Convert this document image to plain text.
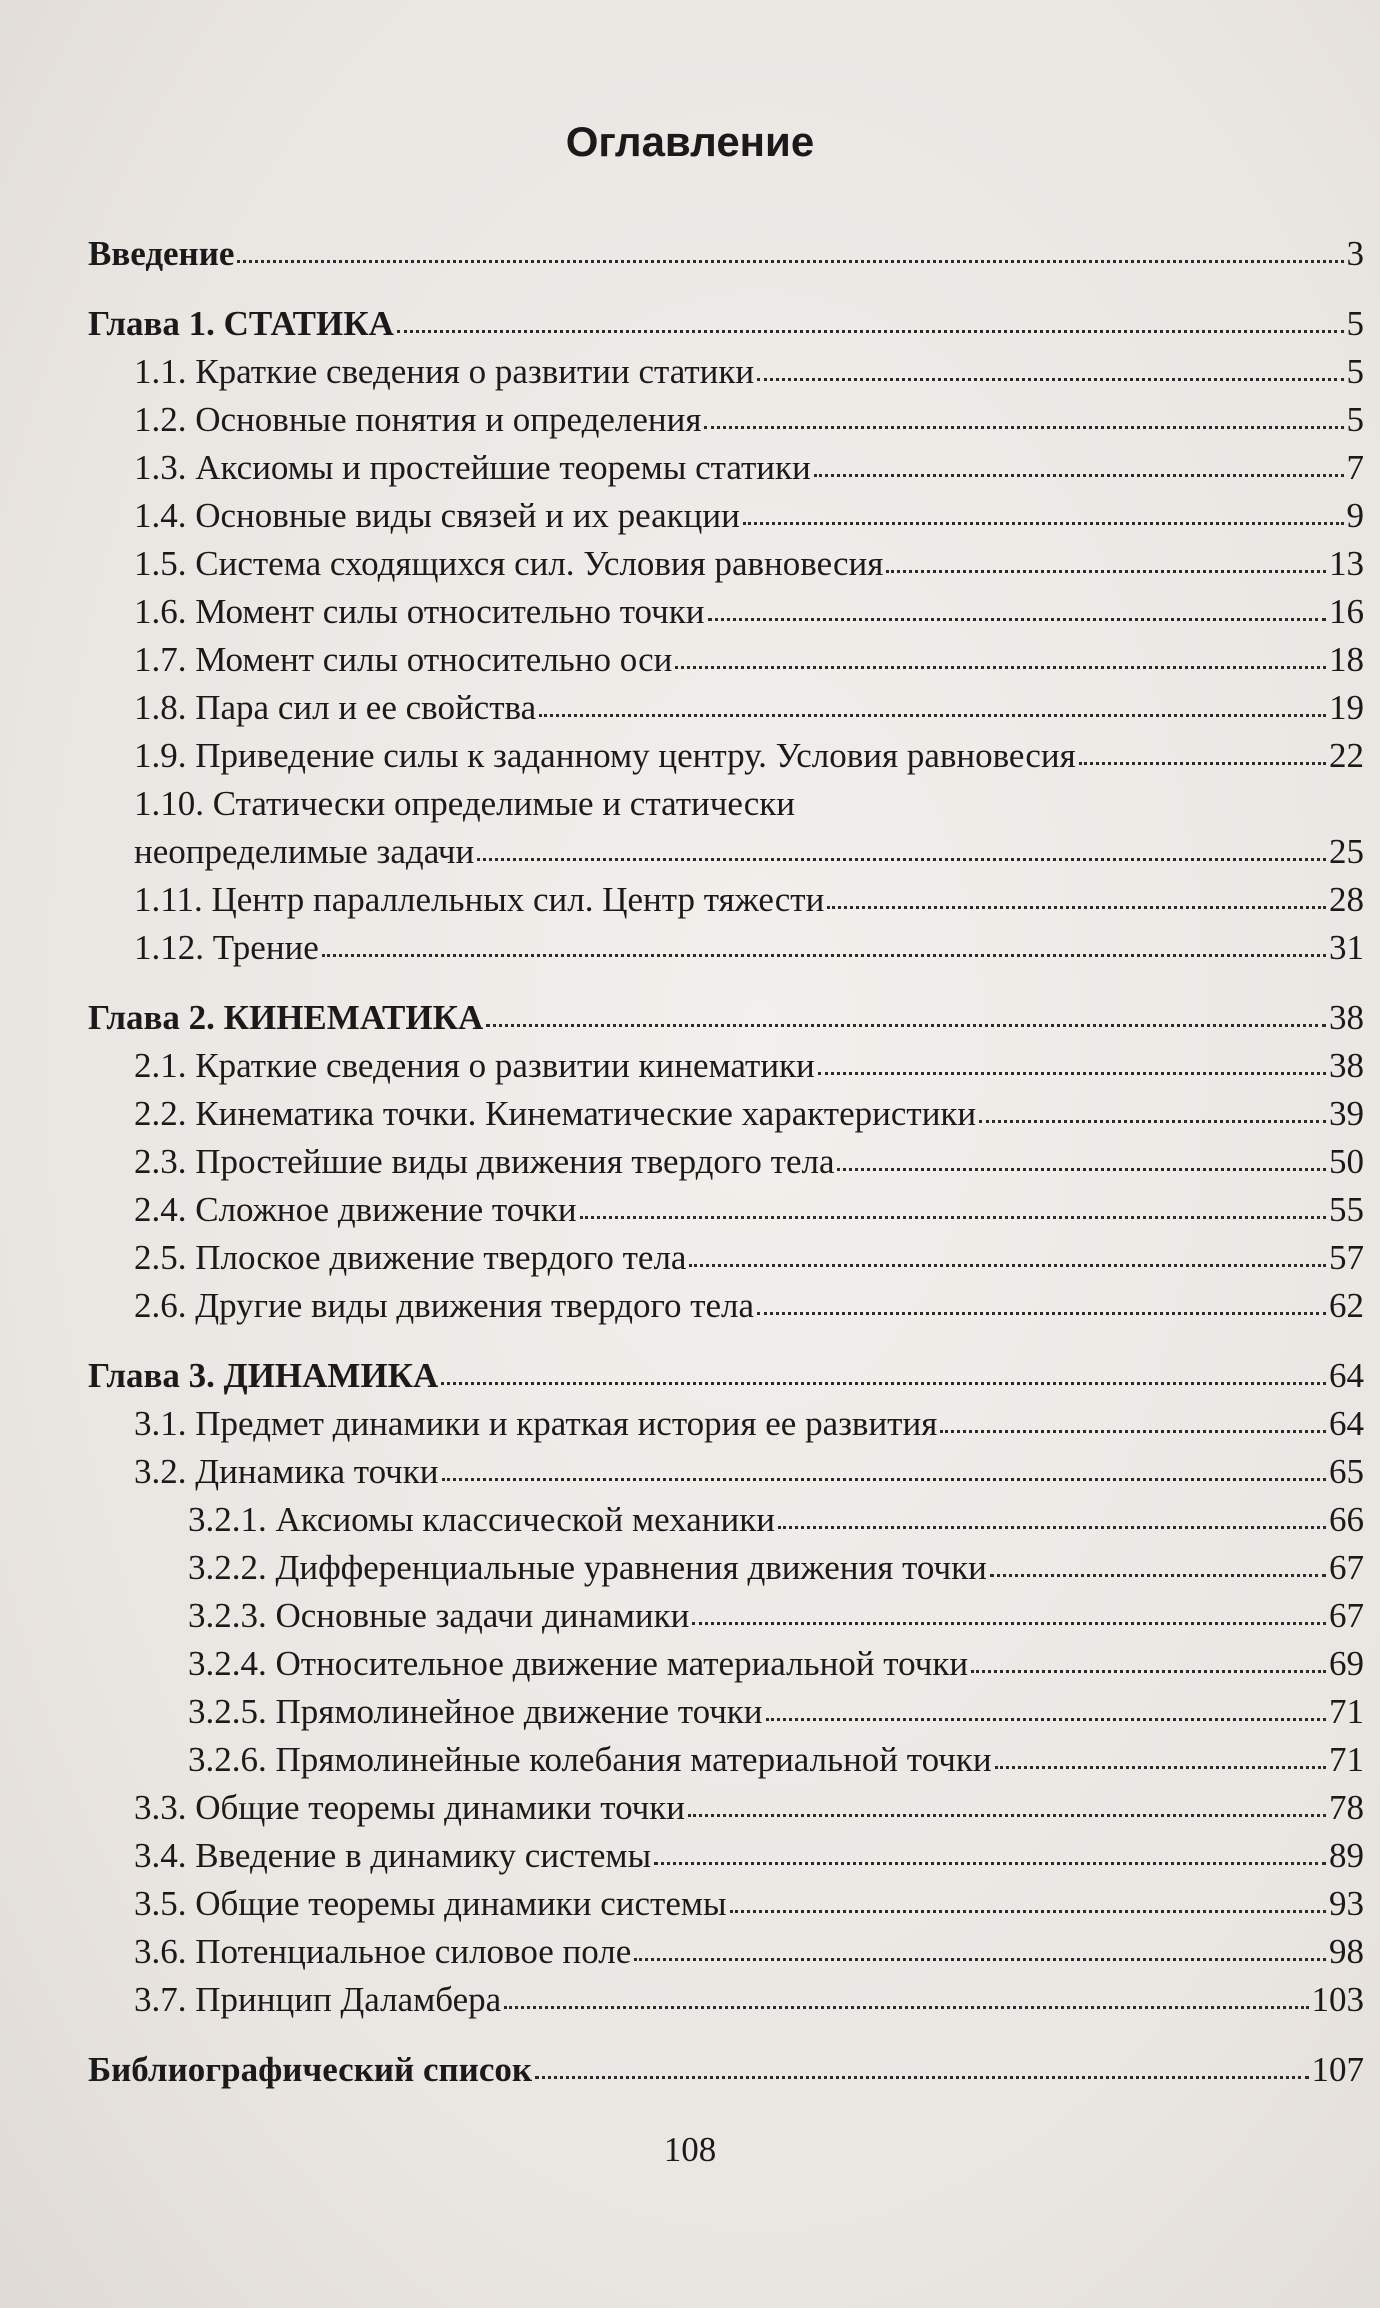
Оглавление
Введение	3
Глава 1. СТАТИКА	5
1.1. Краткие сведения о развитии статики	5
1.2. Основные понятия и определения	5
1.3. Аксиомы и простейшие теоремы статики	7
1.4. Основные виды связей и их реакции	9
1.5. Система сходящихся сил. Условия равновесия	13
1.6. Момент силы относительно точки	16
1.7. Момент силы относительно оси	18
1.8. Пара сил и ее свойства	19
1.9. Приведение силы к заданному центру. Условия равновесия	22
1.10. Статически определимые и статически
неопределимые задачи	25
1.11. Центр параллельных сил. Центр тяжести	28
1.12. Трение	31
Глава 2. КИНЕМАТИКА	38
2.1. Краткие сведения о развитии кинематики	38
2.2. Кинематика точки. Кинематические характеристики	39
2.3. Простейшие виды движения твердого тела	50
2.4. Сложное движение точки	55
2.5. Плоское движение твердого тела	57
2.6. Другие виды движения твердого тела	62
Глава 3. ДИНАМИКА	64
3.1. Предмет динамики и краткая история ее развития	64
3.2. Динамика точки	65
3.2.1. Аксиомы классической механики	66
3.2.2. Дифференциальные уравнения движения точки	67
3.2.3. Основные задачи динамики	67
3.2.4. Относительное движение материальной точки	69
3.2.5. Прямолинейное движение точки	71
3.2.6. Прямолинейные колебания материальной точки	71
3.3. Общие теоремы динамики точки	78
3.4. Введение в динамику системы	89
3.5. Общие теоремы динамики системы	93
3.6. Потенциальное силовое поле	98
3.7. Принцип Даламбера	103
Библиографический список	107
108
